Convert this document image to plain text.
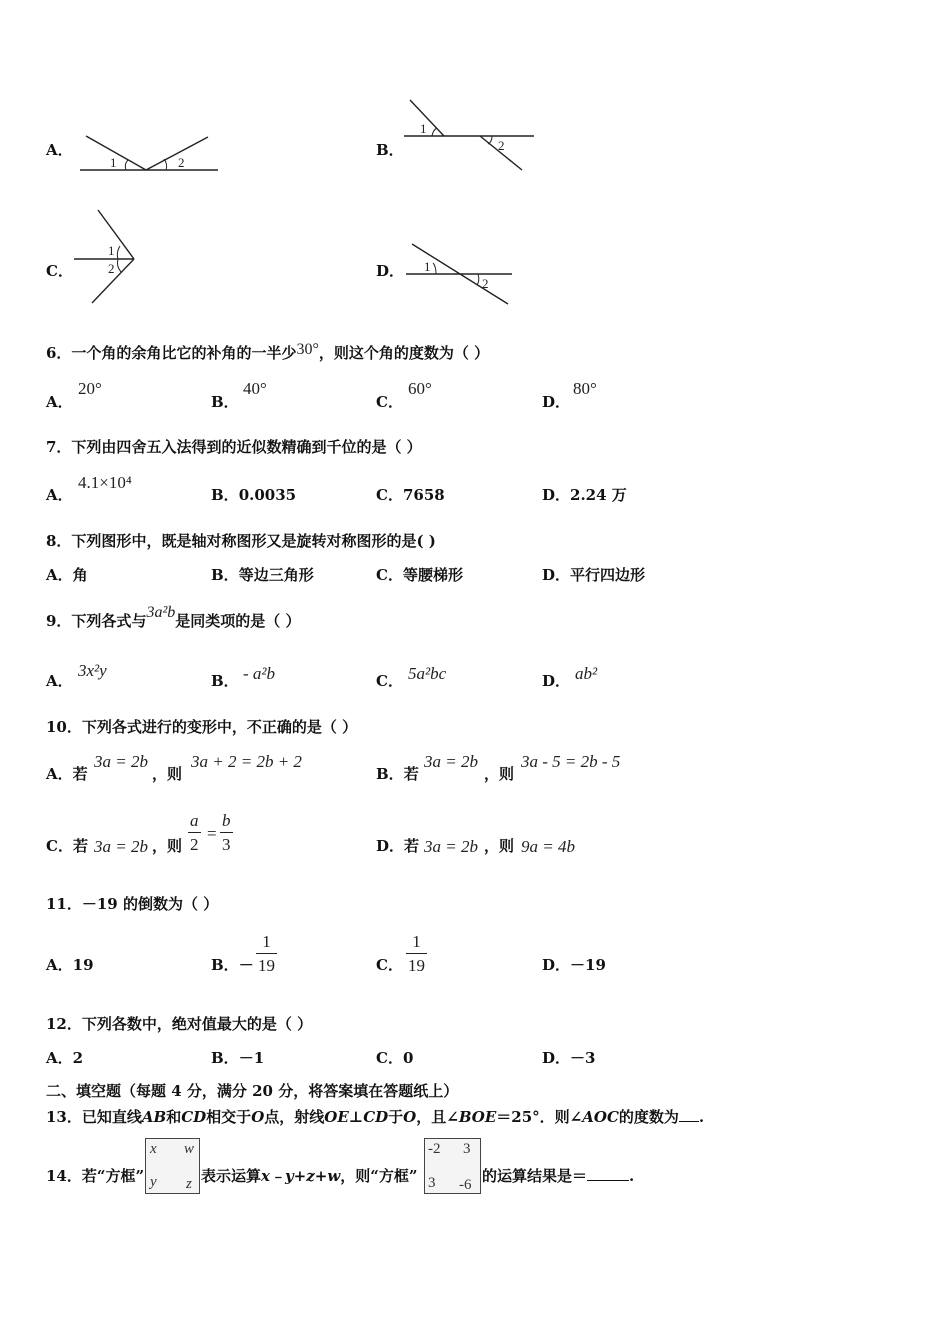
A．
1	2
B．
1
2
C．
1
2	D． 1
2
6．一个角的余角比它的补角的一半少30°，则这个角的度数为（ ）
A．
20°
B．
40°
C．
60°
D．
80°
7．下列由四舍五入法得到的近似数精确到千位的是（ ）
A．
4.1×10⁴
B．0.0035	C．7658	D．2.24 万
8．下列图形中，既是轴对称图形又是旋转对称图形的是( )
A．角	B．等边三角形	C．等腰梯形	D．平行四边形
9．下列各式与3a²b是同类项的是（ ）
A．
3x²y
B． - a²b	C． 5a²bc	D． ab²
10．下列各式进行的变形中，不正确的是（ ）
A．若
3a = 2b
，则
3a + 2 = 2b + 2
B．若
3a = 2b
，则
3a - 5 = 2b - 5
C．若 3a = 2b ，则 $\frac{a}{2} = \frac{b}{3}$	D．若 3a = 2b ，则 9a = 4b
11．－19 的倒数为（ ）
A．19	B．－ $\frac{1}{19}$	C． $\frac{1}{19}$	D．－19
12．下列各数中，绝对值最大的是（ ）
A．2	B．－1	C．0	D．－3
二、填空题（每题 4 分，满分 20 分，将答案填在答题纸上）
13．已知直线AB和CD相交于O点，射线OE⊥CD于O，且∠BOE＝25°．则∠AOC的度数为 .
14．若“方框”
x w
y z 表示运算x﹣y+z+w，则“方框”
-2 3
3 -6 的运算结果是＝	.
